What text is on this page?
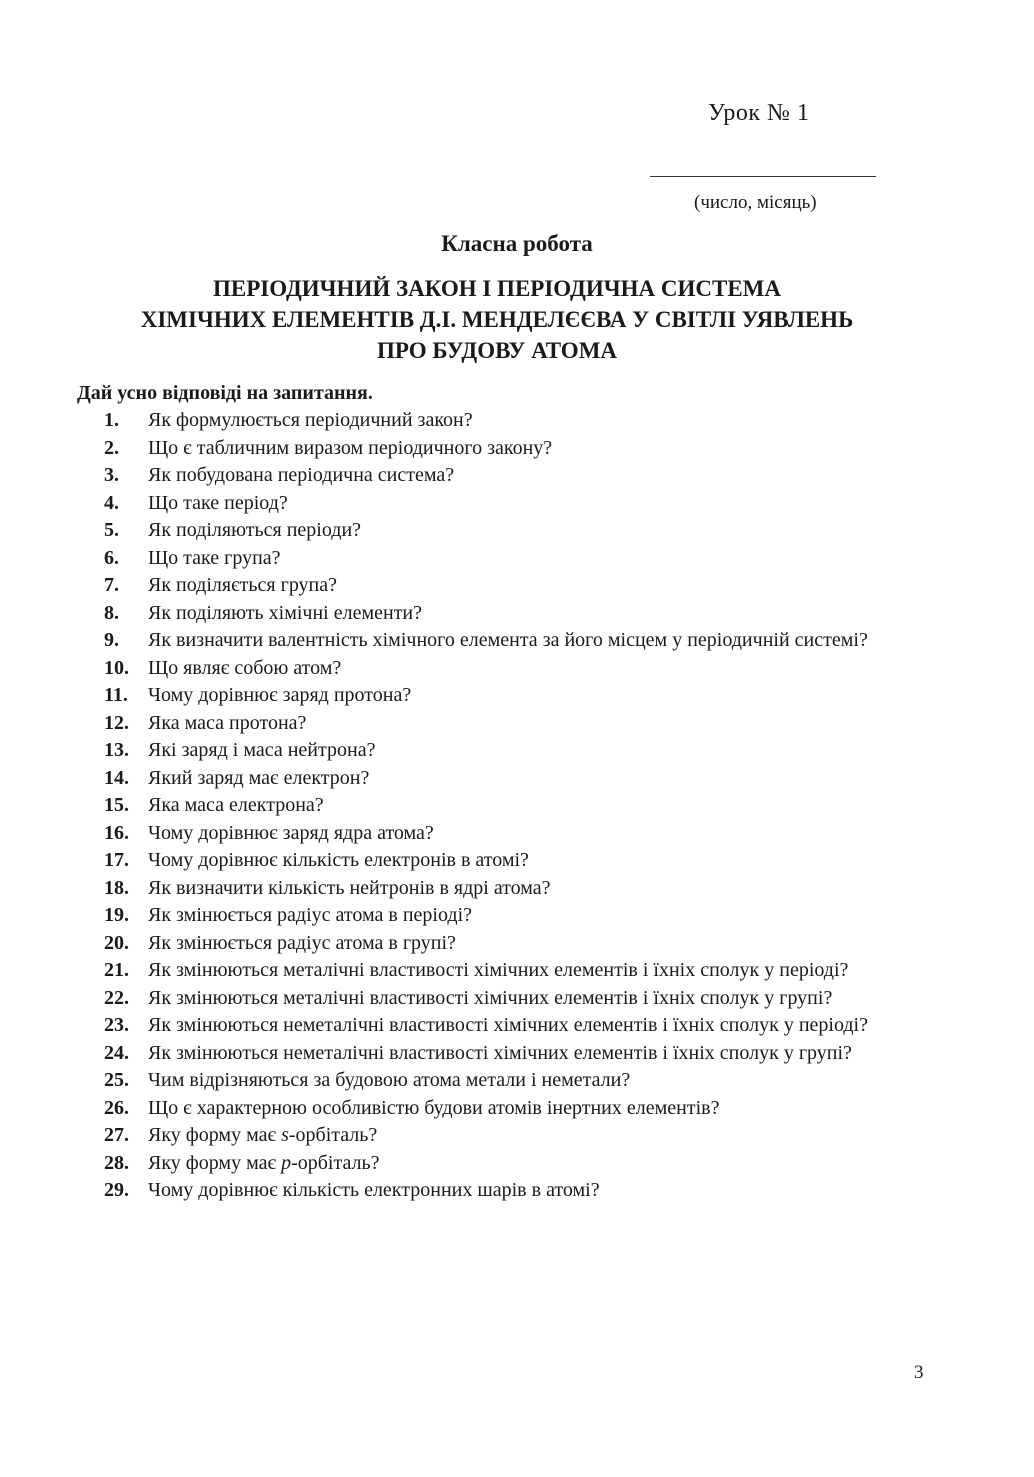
Урок № 1
(число, місяць)
Класна робота
ПЕРІОДИЧНИЙ ЗАКОН І ПЕРІОДИЧНА СИСТЕМА
ХІМІЧНИХ ЕЛЕМЕНТІВ Д.І. МЕНДЕЛЄЄВА У СВІТЛІ УЯВЛЕНЬ
ПРО БУДОВУ АТОМА
Дай усно відповіді на запитання.
1.	Як формулюється періодичний закон?
2.	Що є табличним виразом періодичного закону?
3.	Як побудована періодична система?
4.	Що таке період?
5.	Як поділяються періоди?
6.	Що таке група?
7.	Як поділяється група?
8.	Як поділяють хімічні елементи?
9.	Як визначити валентність хімічного елемента за його місцем у періодичній системі?
10. Що являє собою атом?
11.	Чому дорівнює заряд протона?
12. Яка маса протона?
13. Які заряд і маса нейтрона?
14. Який заряд має електрон?
15. Яка маса електрона?
16. Чому дорівнює заряд ядра атома?
17. Чому дорівнює кількість електронів в атомі?
18. Як визначити кількість нейтронів в ядрі атома?
19. Як змінюється радіус атома в періоді?
20. Як змінюється радіус атома в групі?
21. Як змінюються металічні властивості хімічних елементів і їхніх сполук у періоді?
22. Як змінюються металічні властивості хімічних елементів і їхніх сполук у групі?
23. Як змінюються неметалічні властивості хімічних елементів і їхніх сполук у періоді?
24. Як змінюються неметалічні властивості хімічних елементів і їхніх сполук у групі?
25. Чим відрізняються за будовою атома метали і неметали?
26. Що є характерною особливістю будови атомів інертних елементів?
27. Яку форму має s-орбіталь?
28. Яку форму має p-орбіталь?
29. Чому дорівнює кількість електронних шарів в атомі?
3
